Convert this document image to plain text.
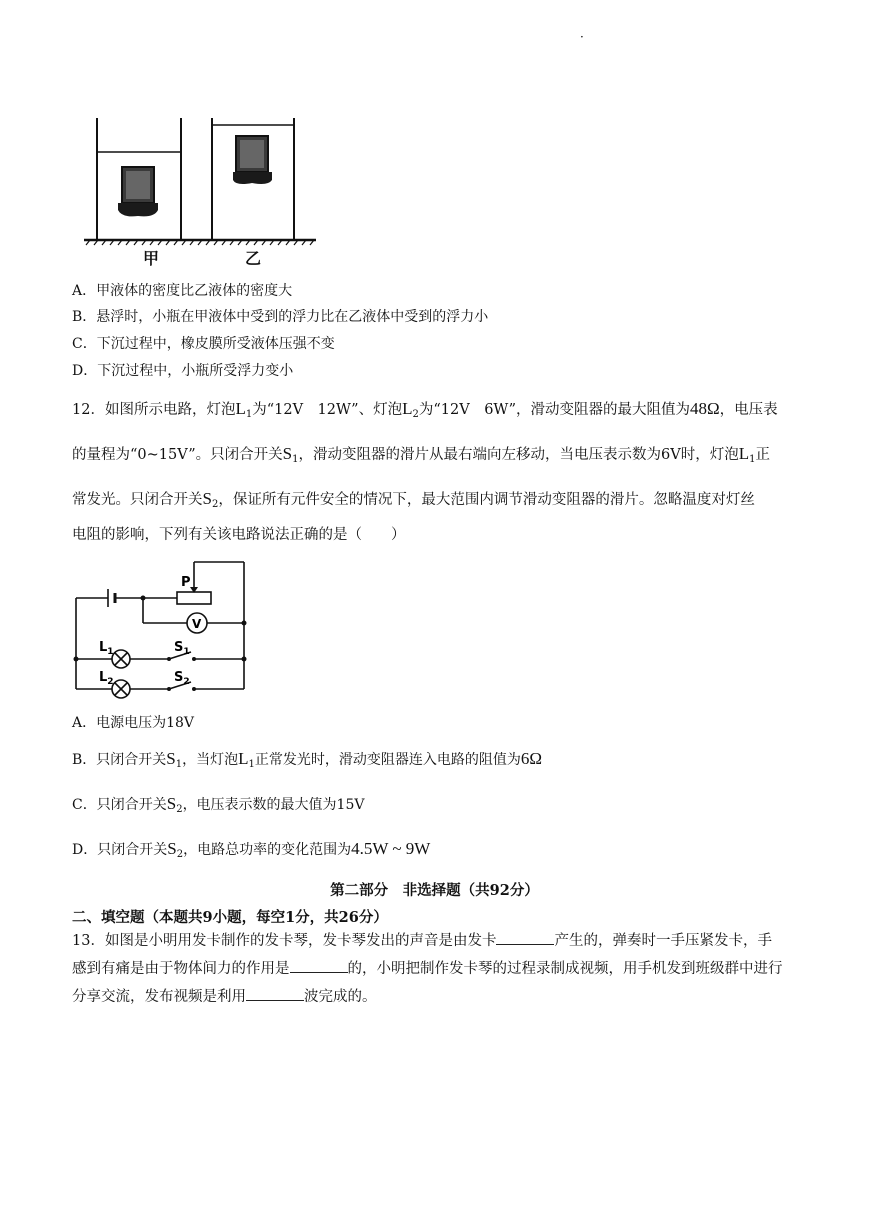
·
甲	乙
A．甲液体的密度比乙液体的密度大
B．悬浮时，小瓶在甲液体中受到的浮力比在乙液体中受到的浮力小
C．下沉过程中，橡皮膜所受液体压强不变
D．下沉过程中，小瓶所受浮力变小
12．如图所示电路，灯泡$L_1$为“12V　12W”、灯泡$L_2$为“12V　6W”，滑动变阻器的最大阻值为48Ω，电压表
的量程为“0~15V”。只闭合开关$S_1$，滑动变阻器的滑片从最右端向左移动，当电压表示数为6V时，灯泡$L_1$正
常发光。只闭合开关$S_2$，保证所有元件安全的情况下，最大范围内调节滑动变阻器的滑片。忽略温度对灯丝
电阻的影响，下列有关该电路说法正确的是（　　）
P
V
$L_1$	$S_1$
$L_2$	$S_2$
A．电源电压为18V
B．只闭合开关$S_1$，当灯泡$L_1$正常发光时，滑动变阻器连入电路的阻值为6Ω
C．只闭合开关$S_2$，电压表示数的最大值为15V
D．只闭合开关$S_2$，电路总功率的变化范围为4.5W ~ 9W
第二部分　非选择题（共92分）
二、填空题（本题共9小题，每空1分，共26分）
13．如图是小明用发卡制作的发卡琴，发卡琴发出的声音是由发卡	产生的，弹奏时一手压紧发卡，手
感到有痛是由于物体间力的作用是	的，小明把制作发卡琴的过程录制成视频，用手机发到班级群中进行
分享交流，发布视频是利用	波完成的。
